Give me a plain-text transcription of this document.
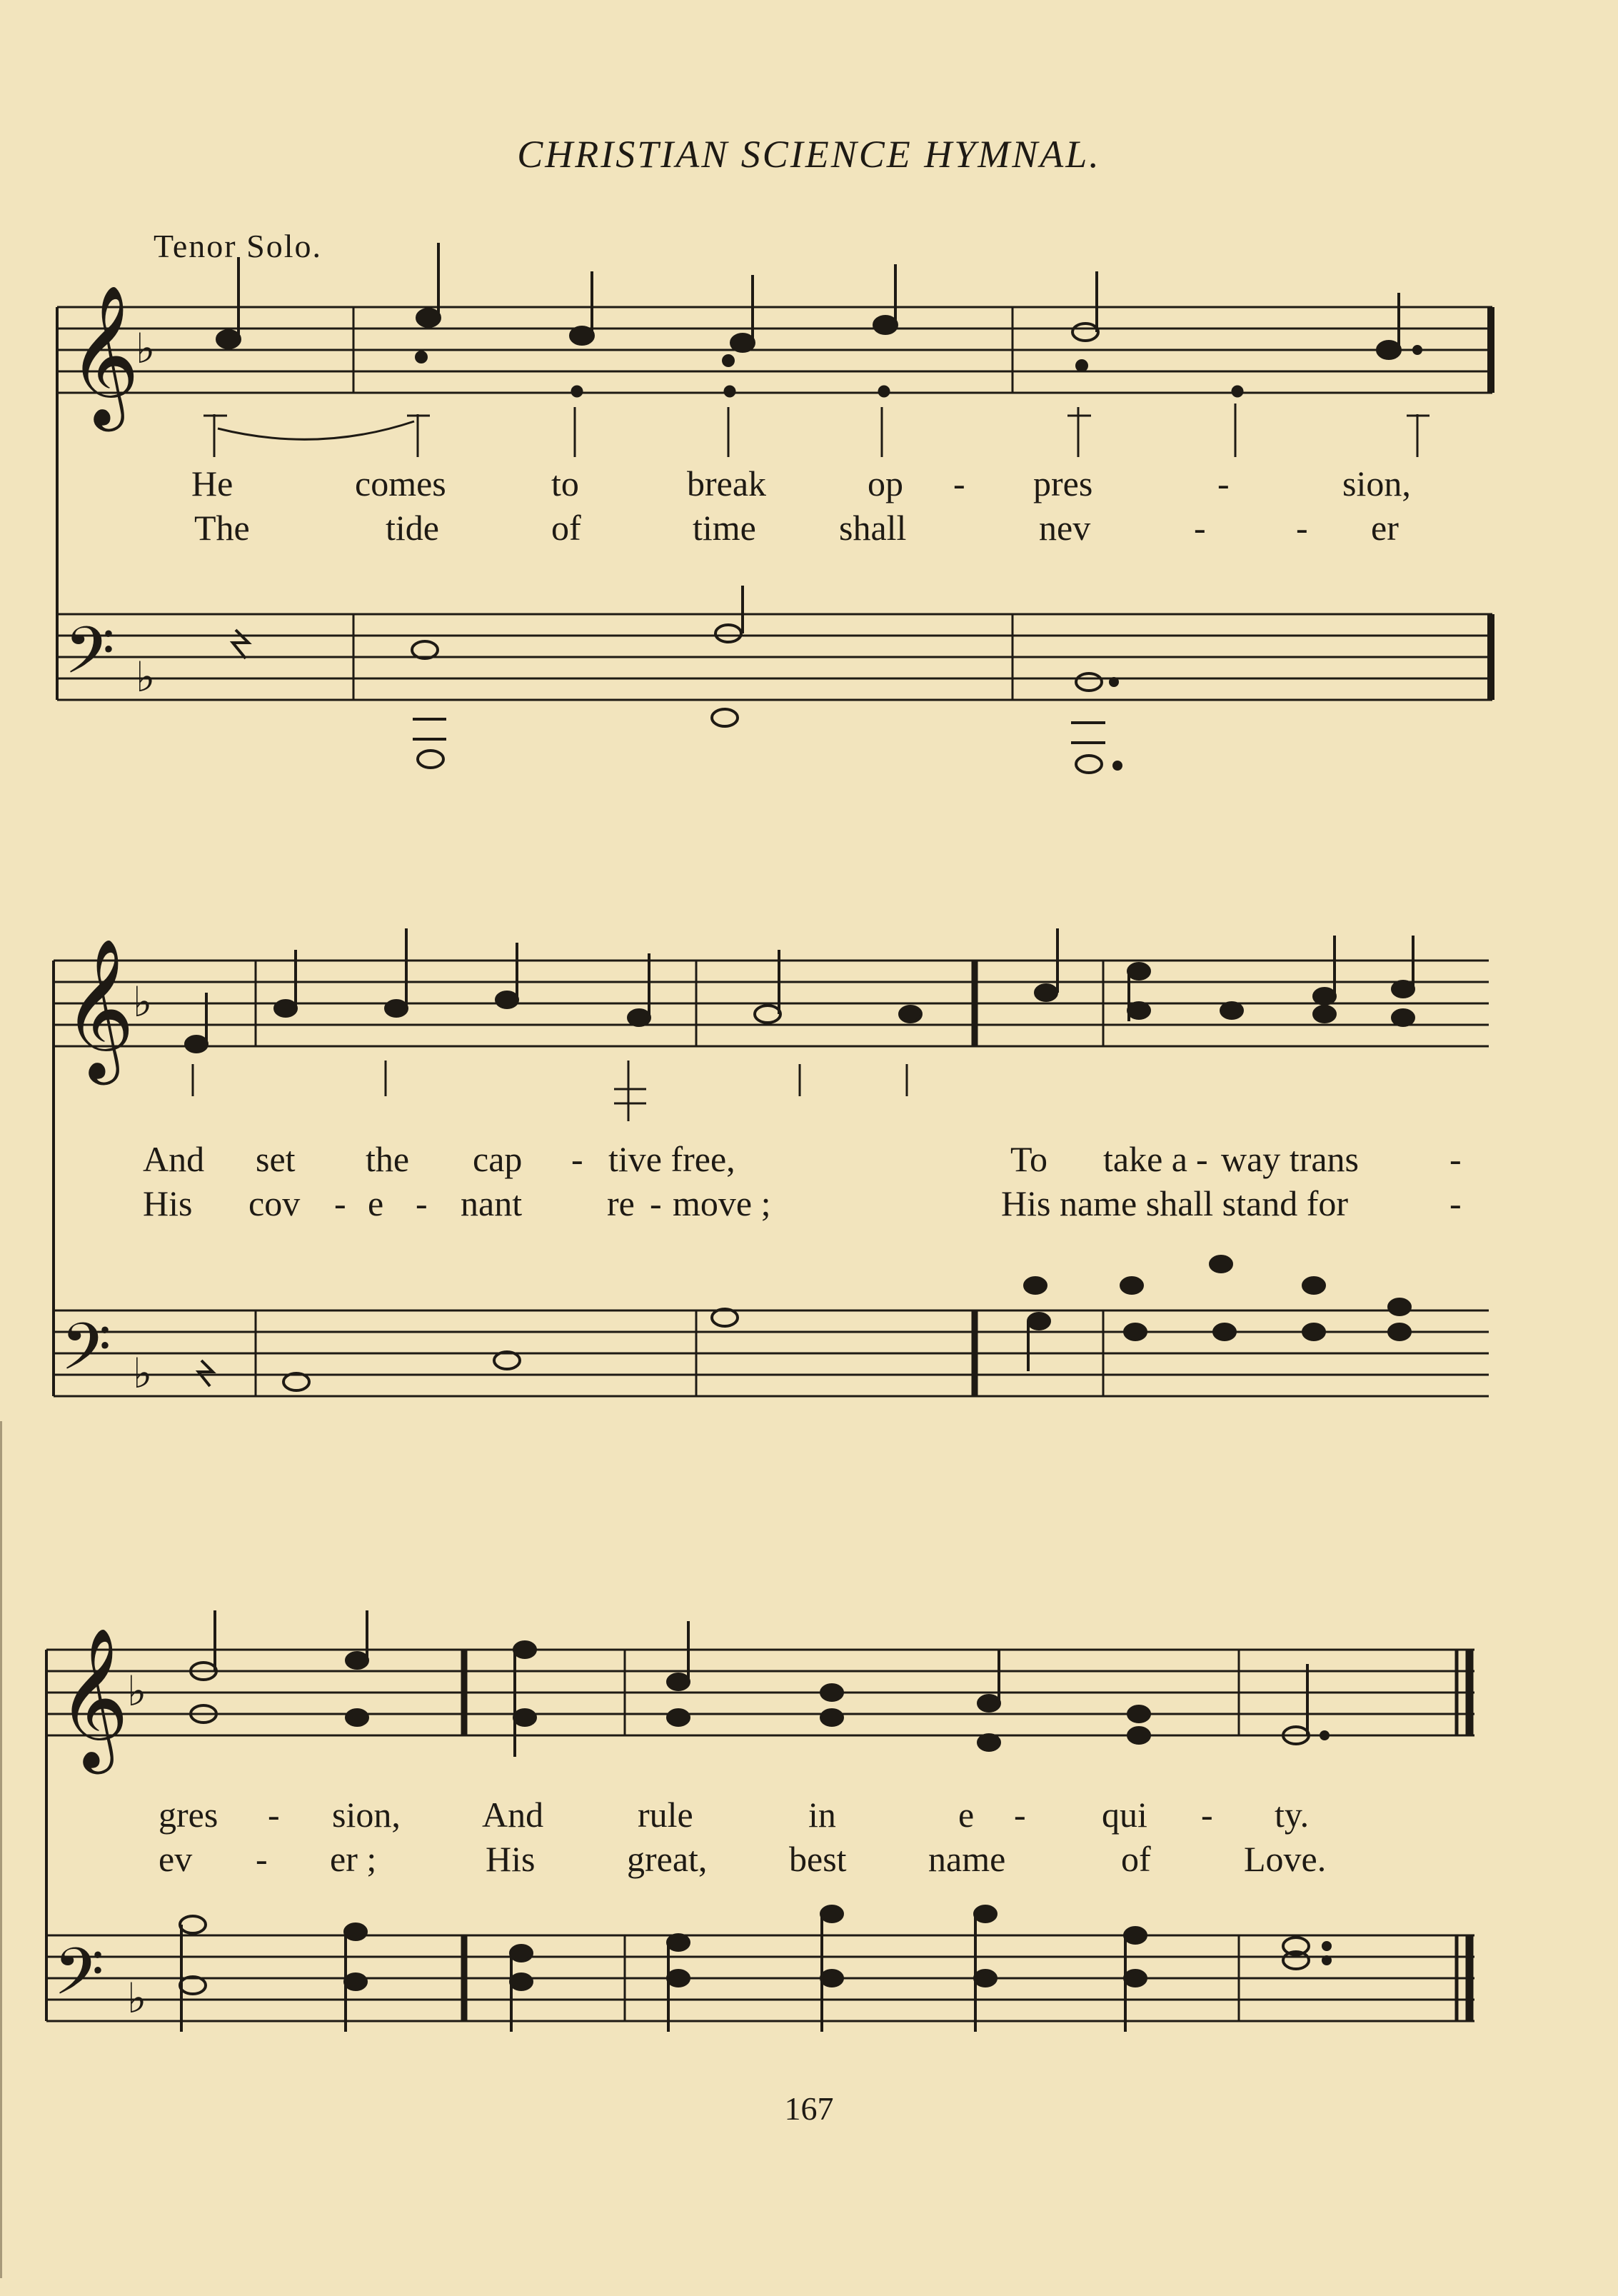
CHRISTIAN SCIENCE HYMNAL.
Tenor Solo.
𝄞
𝄢
♭
♭
He	comes	to	break	op - pres	-	sion,
The	tide	of	time shall	nev	-	- er
𝄞
𝄢
♭
♭
And set the cap - tive free,	To take a - way trans	-
His cov - e - nant re - move ;	His name shall stand for	-
𝄞
𝄢
♭
♭
gres - sion, And	rule	in	e - qui - ty.
ev - er ;	His	great, best name	of	Love.
167
